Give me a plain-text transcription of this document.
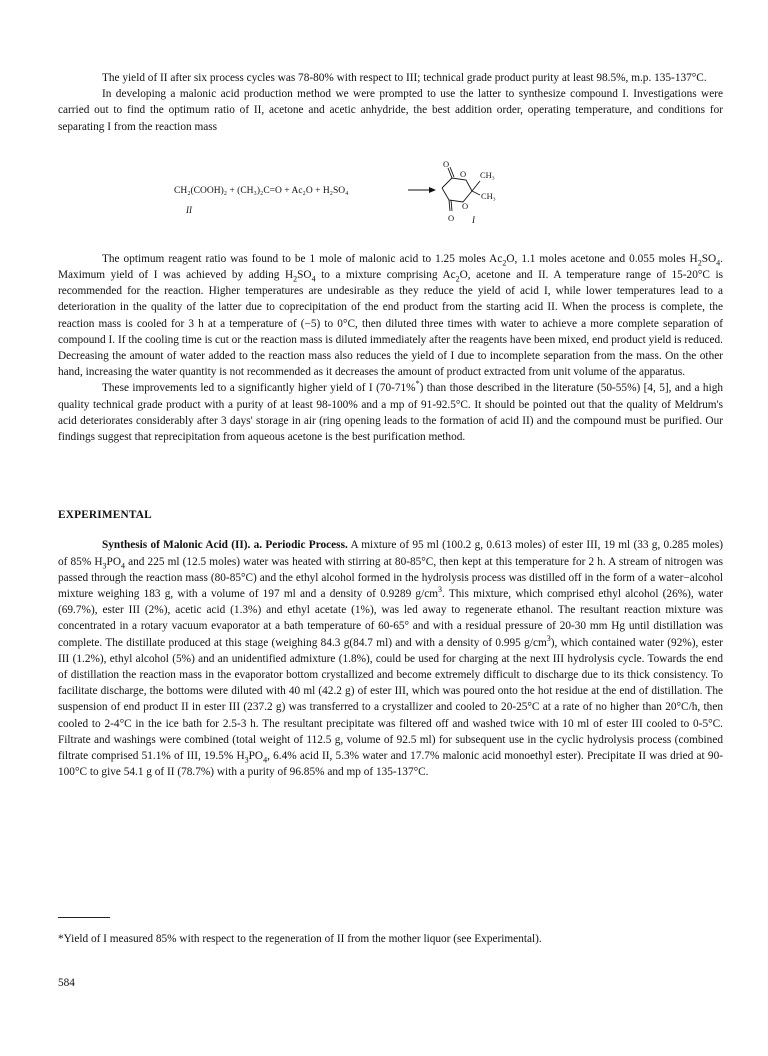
The yield of II after six process cycles was 78-80% with respect to III; technical grade product purity at least 98.5%, m.p. 135-137°C.

In developing a malonic acid production method we were prompted to use the latter to synthesize compound I. Investigations were carried out to find the optimum ratio of II, acetone and acetic anhydride, the best addition order, operating temperature, and conditions for separating I from the reaction mass

CH₂(COOH)₂ + (CH₃)₂C=O + Ac₂O + H₂SO₄
II
O
O
O
O
CH₃
CH₃
I

The optimum reagent ratio was found to be 1 mole of malonic acid to 1.25 moles $Ac_2O$, 1.1 moles acetone and 0.055 moles $H_2SO_4$. Maximum yield of I was achieved by adding $H_2SO_4$ to a mixture comprising $Ac_2O$, acetone and II. A temperature range of 15-20°C is recommended for the reaction. Higher temperatures are undesirable as they reduce the yield of acid I, while lower temperatures lead to a deterioration in the quality of the latter due to coprecipitation of the end product from the starting acid II. When the process is complete, the reaction mass is cooled for 3 h at a temperature of (−5) to 0°C, then diluted three times with water to achieve a more complete separation of compound I. If the cooling time is cut or the reaction mass is diluted immediately after the reagents have been mixed, end product yield is reduced. Decreasing the amount of water added to the reaction mass also reduces the yield of I due to incomplete separation from the mass. On the other hand, increasing the water quantity is not recommended as it decreases the amount of product extracted from unit volume of the apparatus.

These improvements led to a significantly higher yield of I (70-71%*) than those described in the literature (50-55%) [4, 5], and a high quality technical grade product with a purity of at least 98-100% and a mp of 91-92.5°C. It should be pointed out that the quality of Meldrum's acid deteriorates considerably after 3 days' storage in air (ring opening leads to the formation of acid II) and the compound must be purified. Our findings suggest that reprecipitation from aqueous acetone is the best purification method.

EXPERIMENTAL

Synthesis of Malonic Acid (II). a. Periodic Process. A mixture of 95 ml (100.2 g, 0.613 moles) of ester III, 19 ml (33 g, 0.285 moles) of 85% $H_3PO_4$ and 225 ml (12.5 moles) water was heated with stirring at 80-85°C, then kept at this temperature for 2 h. A stream of nitrogen was passed through the reaction mass (80-85°C) and the ethyl alcohol formed in the hydrolysis process was distilled off in the form of a water−alcohol mixture weighing 183 g, with a volume of 197 ml and a density of 0.9289 $g/cm^3$. This mixture, which comprised ethyl alcohol (26%), water (69.7%), ester III (2%), acetic acid (1.3%) and ethyl acetate (1%), was led away to regenerate ethanol. The resultant reaction mixture was concentrated in a rotary vacuum evaporator at a bath temperature of 60-65° and with a residual pressure of 20-30 mm Hg until distillation was complete. The distillate produced at this stage (weighing 84.3 g(84.7 ml) and with a density of 0.995 $g/cm^3$), which contained water (92%), ester III (1.2%), ethyl alcohol (5%) and an unidentified admixture (1.8%), could be used for charging at the next III hydrolysis cycle. Towards the end of distillation the reaction mass in the evaporator bottom crystallized and become extremely difficult to discharge due to its thick consistency. To facilitate discharge, the bottoms were diluted with 40 ml (42.2 g) of ester III, which was poured onto the hot residue at the end of distillation. The suspension of end product II in ester III (237.2 g) was transferred to a crystallizer and cooled to 20-25°C at a rate of no higher than 20°C/h, then cooled to 2-4°C in the ice bath for 2.5-3 h. The resultant precipitate was filtered off and washed twice with 10 ml of ester III cooled to 0-5°C. Filtrate and washings were combined (total weight of 112.5 g, volume of 92.5 ml) for subsequent use in the cyclic hydrolysis process (combined filtrate comprised 51.1% of III, 19.5% $H_3PO_4$, 6.4% acid II, 5.3% water and 17.7% malonic acid monoethyl ester). Precipitate II was dried at 90-100°C to give 54.1 g of II (78.7%) with a purity of 96.85% and mp of 135-137°C.

*Yield of I measured 85% with respect to the regeneration of II from the mother liquor (see Experimental).

584
